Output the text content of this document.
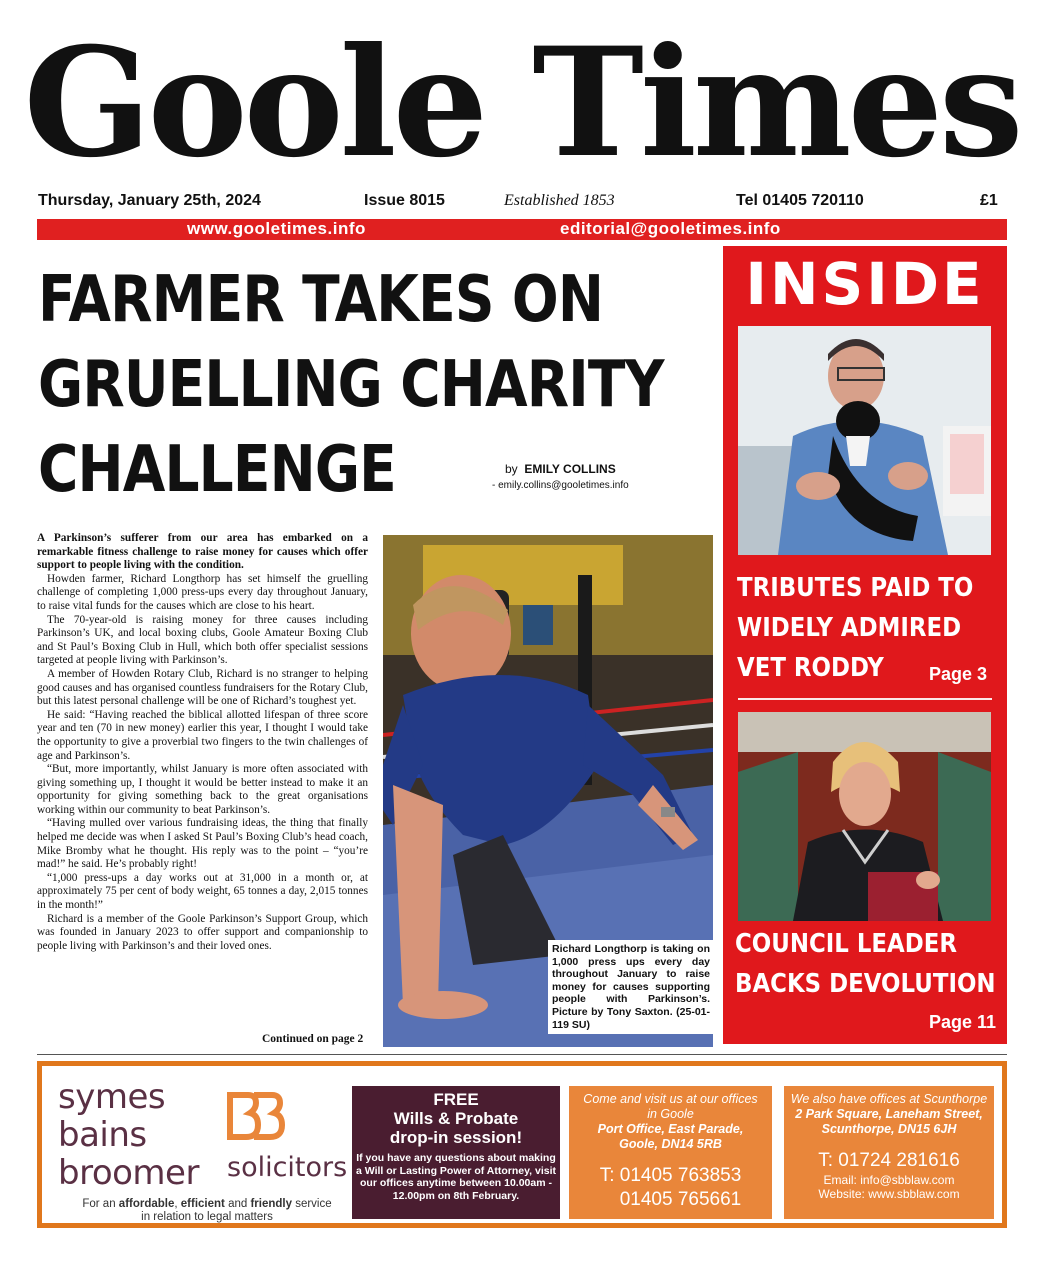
Goole Times
Thursday, January 25th, 2024	Issue 8015	Established 1853	Tel 01405 720110	£1
www.gooletimes.info	editorial@gooletimes.info
FARMER TAKES ON
GRUELLING CHARITY
CHALLENGE	by EMILY COLLINS
- emily.collins@gooletimes.info

A Parkinson’s sufferer from our area has embarked on a remarkable fitness challenge to raise money for causes which offer support to people living with the condition.

Howden farmer, Richard Longthorp has set himself the gruelling challenge of completing 1,000 press-ups every day throughout January, to raise vital funds for the causes which are close to his heart.

The 70-year-old is raising money for three causes including Parkinson’s UK, and local boxing clubs, Goole Amateur Boxing Club and St Paul’s Boxing Club in Hull, which both offer specialist sessions targeted at people living with Parkinson’s.

A member of Howden Rotary Club, Richard is no stranger to helping good causes and has organised countless fundraisers for the Rotary Club, but this latest personal challenge will be one of Richard’s toughest yet.

He said: “Having reached the biblical allotted lifespan of three score year and ten (70 in new money) earlier this year, I thought I would take the opportunity to give a proverbial two fingers to the twin challenges of age and Parkinson’s.

“But, more importantly, whilst January is more often associated with giving something up, I thought it would be better instead to make it an opportunity for giving something back to the great organisations working within our community to beat Parkinson’s.

“Having mulled over various fundraising ideas, the thing that finally helped me decide was when I asked St Paul’s Boxing Club’s head coach, Mike Bromby what he thought. His reply was to the point – “you’re mad!” he said. He’s probably right!

“1,000 press-ups a day works out at 31,000 in a month or, at approximately 75 per cent of body weight, 65 tonnes a day, 2,015 tonnes in the month!”

Richard is a member of the Goole Parkinson’s Support Group, which was founded in January 2023 to offer support and companionship to people living with Parkinson’s and their loved ones.

Continued on page 2
Richard Longthorp is taking on 1,000 press ups every day throughout January to raise money for causes supporting people with Parkinson’s. Picture by Tony Saxton. (25-01-119 SU)
INSIDE
TRIBUTES PAID TO
WIDELY ADMIRED
VET RODDY	Page 3
COUNCIL LEADER
BACKS DEVOLUTION
Page 11
symes
bains
broomer solicitors
For an affordable, efficient and friendly service
in relation to legal matters
FREE
Wills & Probate
drop-in session!
If you have any questions about making a Will or Lasting Power of Attorney, visit our offices anytime between 10.00am - 12.00pm on 8th February.
Come and visit us at our offices
in Goole
Port Office, East Parade,
Goole, DN14 5RB
T: 01405 763853
01405 765661
We also have offices at Scunthorpe
2 Park Square, Laneham Street,
Scunthorpe, DN15 6JH
T: 01724 281616
Email: info@sbblaw.com
Website: www.sbblaw.com
